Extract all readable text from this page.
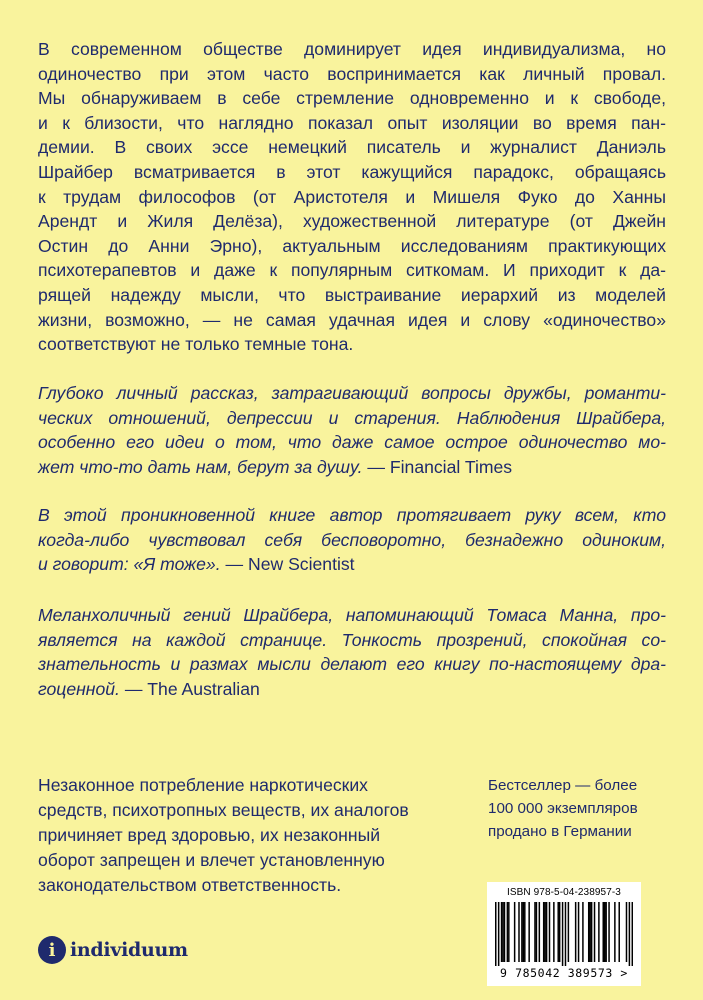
В современном обществе доминирует идея индивидуализма, но
одиночество при этом часто воспринимается как личный провал.
Мы обнаруживаем в себе стремление одновременно и к свободе,
и к близости, что наглядно показал опыт изоляции во время пан-
демии. В своих эссе немецкий писатель и журналист Даниэль
Шрайбер всматривается в этот кажущийся парадокс, обращаясь
к трудам философов (от Аристотеля и Мишеля Фуко до Ханны
Арендт и Жиля Делёза), художественной литературе (от Джейн
Остин до Анни Эрно), актуальным исследованиям практикующих
психотерапевтов и даже к популярным ситкомам. И приходит к да-
рящей надежду мысли, что выстраивание иерархий из моделей
жизни, возможно, — не самая удачная идея и слову «одиночество»
соответствуют не только темные тона.
Глубоко личный рассказ, затрагивающий вопросы дружбы, романти-
ческих отношений, депрессии и старения. Наблюдения Шрайбера,
особенно его идеи о том, что даже самое острое одиночество мо-
жет что-то дать нам, берут за душу. — Financial Times
В этой проникновенной книге автор протягивает руку всем, кто
когда-либо чувствовал себя бесповоротно, безнадежно одиноким,
и говорит: «Я тоже». — New Scientist
Меланхоличный гений Шрайбера, напоминающий Томаса Манна, про-
является на каждой странице. Тонкость прозрений, спокойная со-
знательность и размах мысли делают его книгу по-настоящему дра-
гоценной. — The Australian
Незаконное потребление наркотических
средств, психотропных веществ, их аналогов
причиняет вред здоровью, их незаконный
оборот запрещен и влечет установленную
законодательством ответственность.
Бестселлер — более
100 000 экземпляров
продано в Германии
i individuum
ISBN 978-5-04-238957-3
9 785042 389573 >
